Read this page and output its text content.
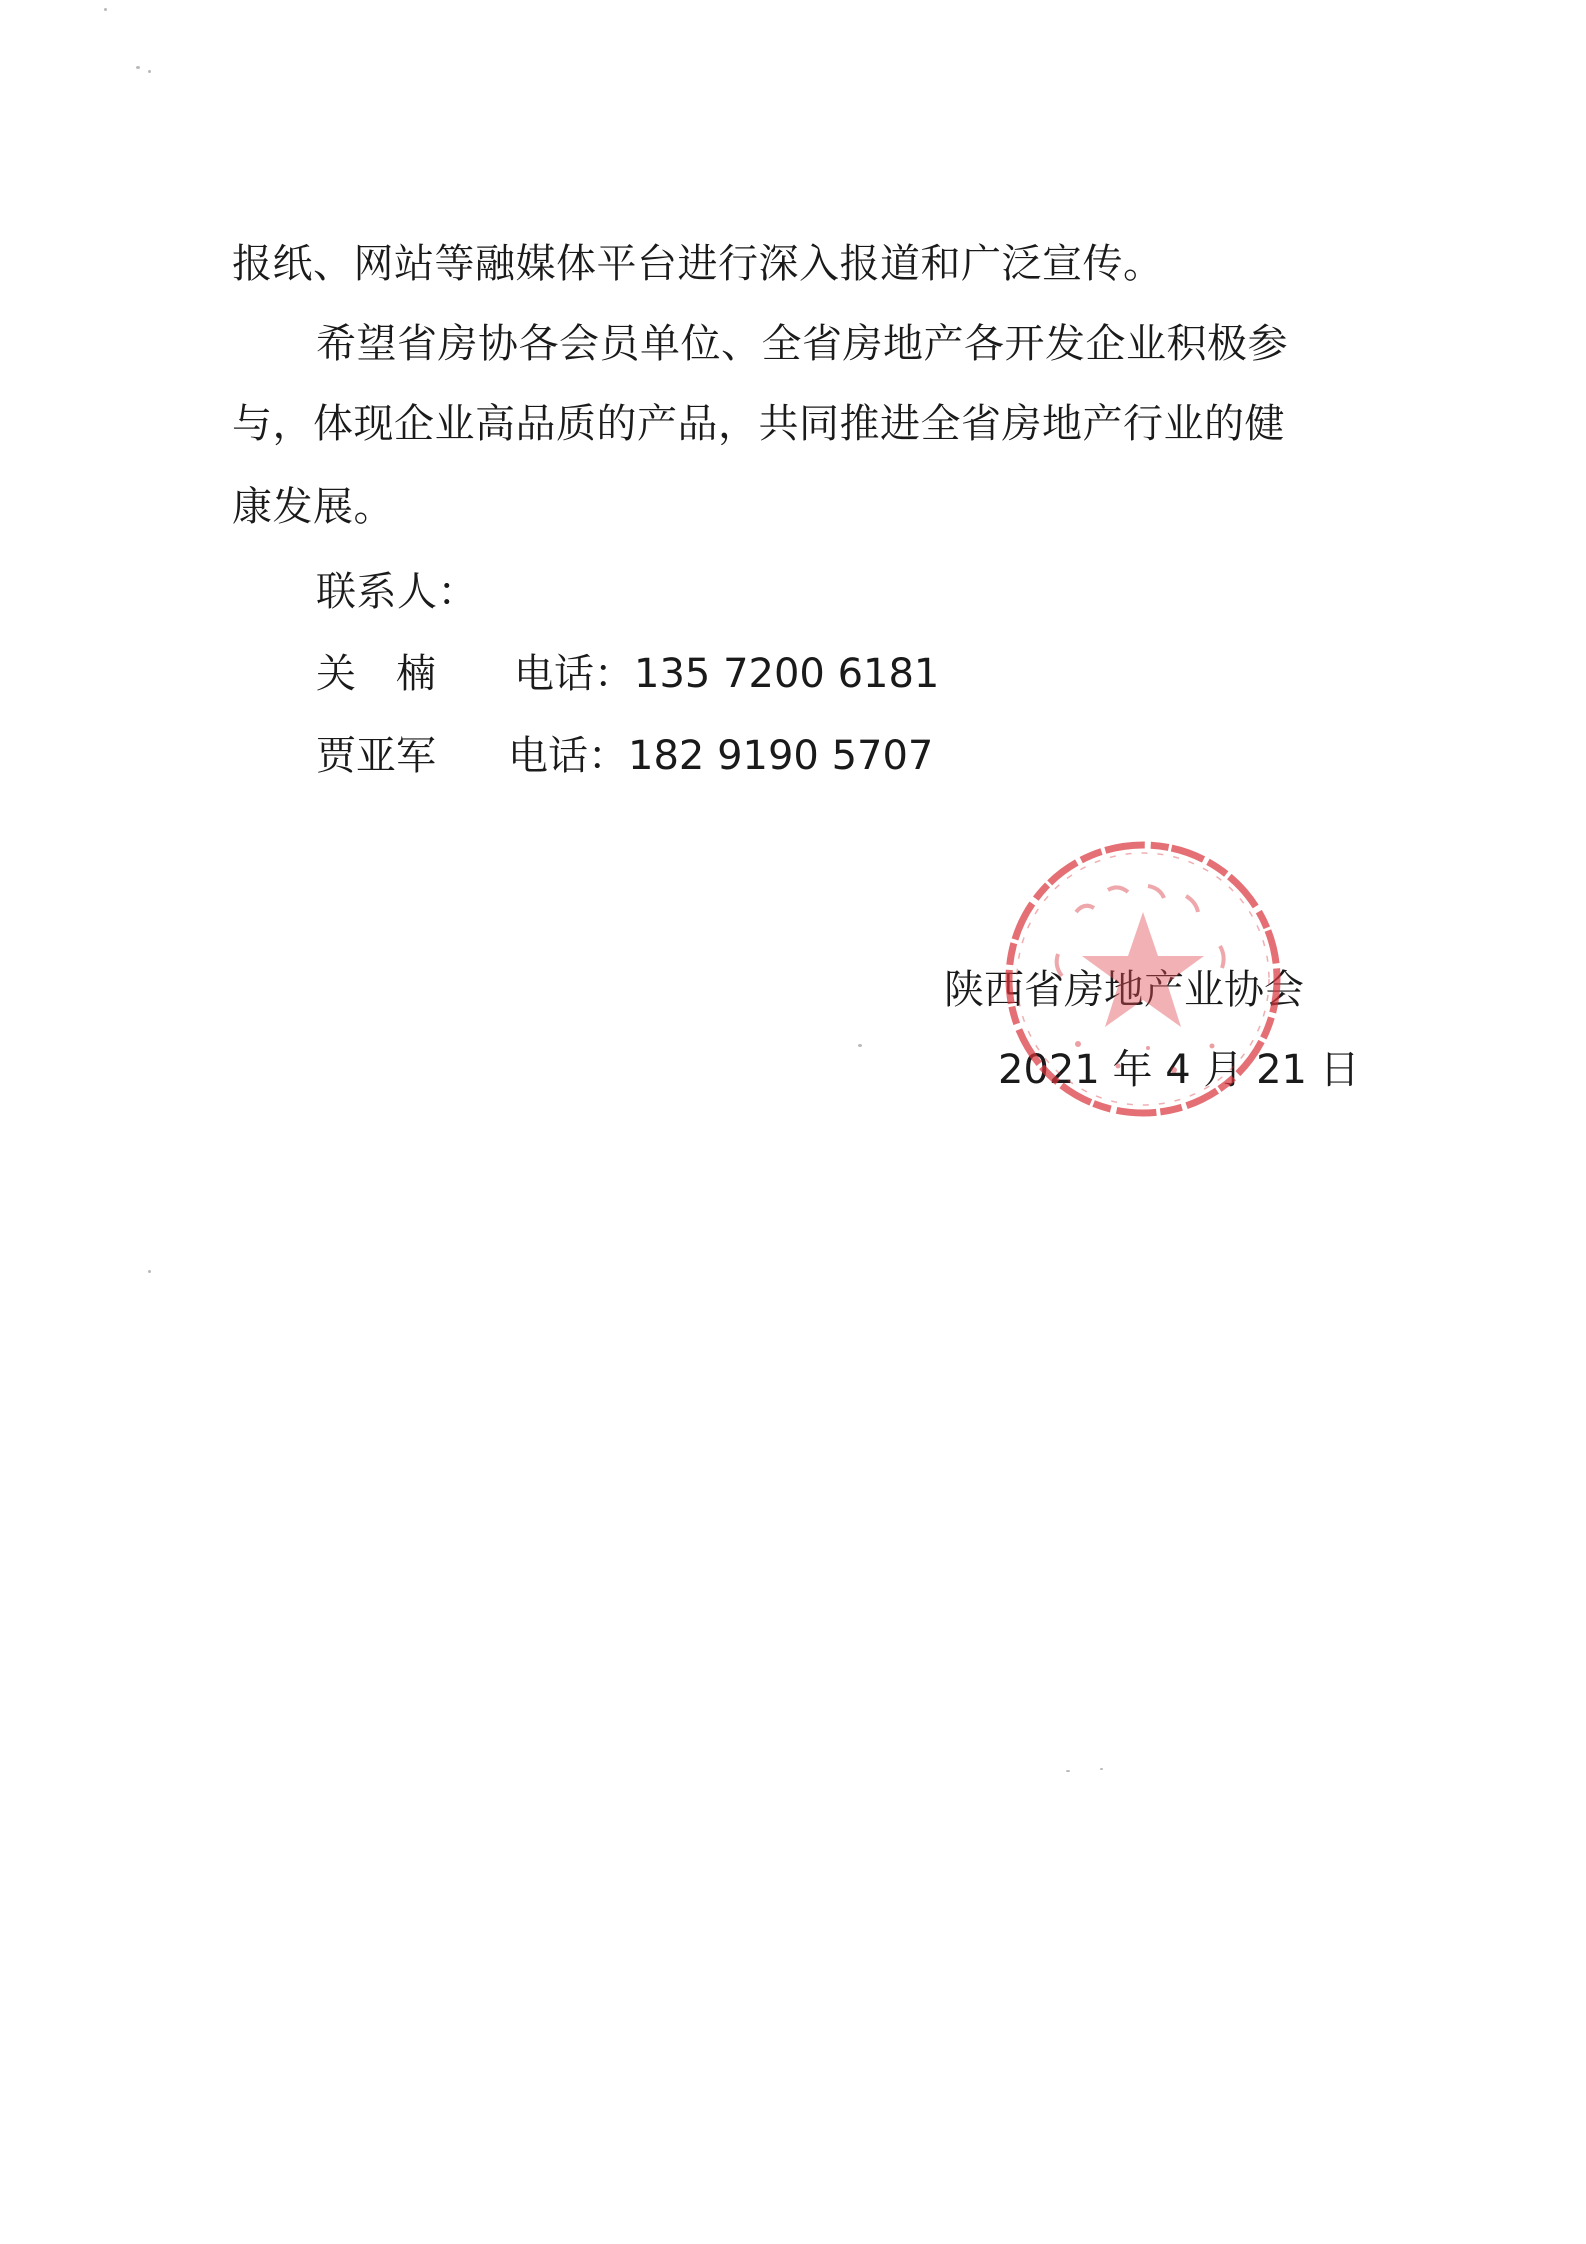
报纸、网站等融媒体平台进行深入报道和广泛宣传。
希望省房协各会员单位、全省房地产各开发企业积极参
与，体现企业高品质的产品，共同推进全省房地产行业的健
康发展。
联系人：
关楠 电话：135 7200 6181
贾亚军 电话：182 9190 5707
陕西省房地产业协会
2021 年 4 月 21 日
